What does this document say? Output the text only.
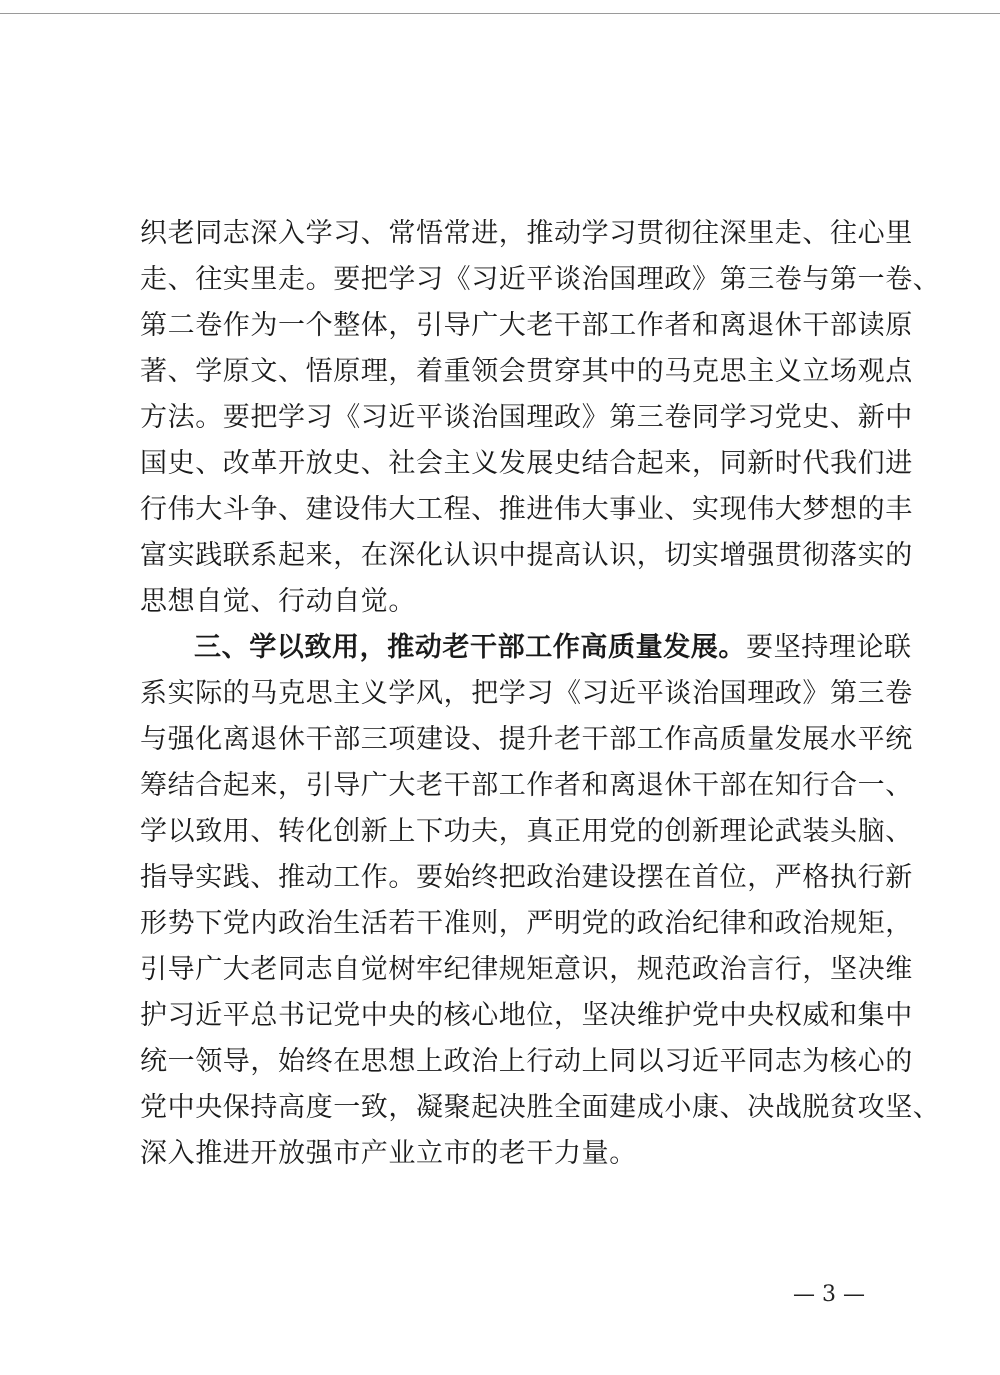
织老同志深入学习、常悟常进，推动学习贯彻往深里走、往心里
走、往实里走。要把学习《习近平谈治国理政》第三卷与第一卷、
第二卷作为一个整体，引导广大老干部工作者和离退休干部读原
著、学原文、悟原理，着重领会贯穿其中的马克思主义立场观点
方法。要把学习《习近平谈治国理政》第三卷同学习党史、新中
国史、改革开放史、社会主义发展史结合起来，同新时代我们进
行伟大斗争、建设伟大工程、推进伟大事业、实现伟大梦想的丰
富实践联系起来，在深化认识中提高认识，切实增强贯彻落实的
思想自觉、行动自觉。
三、学以致用，推动老干部工作高质量发展。要坚持理论联
系实际的马克思主义学风，把学习《习近平谈治国理政》第三卷
与强化离退休干部三项建设、提升老干部工作高质量发展水平统
筹结合起来，引导广大老干部工作者和离退休干部在知行合一、
学以致用、转化创新上下功夫，真正用党的创新理论武装头脑、
指导实践、推动工作。要始终把政治建设摆在首位，严格执行新
形势下党内政治生活若干准则，严明党的政治纪律和政治规矩，
引导广大老同志自觉树牢纪律规矩意识，规范政治言行，坚决维
护习近平总书记党中央的核心地位，坚决维护党中央权威和集中
统一领导，始终在思想上政治上行动上同以习近平同志为核心的
党中央保持高度一致，凝聚起决胜全面建成小康、决战脱贫攻坚、
深入推进开放强市产业立市的老干力量。
— 3 —
